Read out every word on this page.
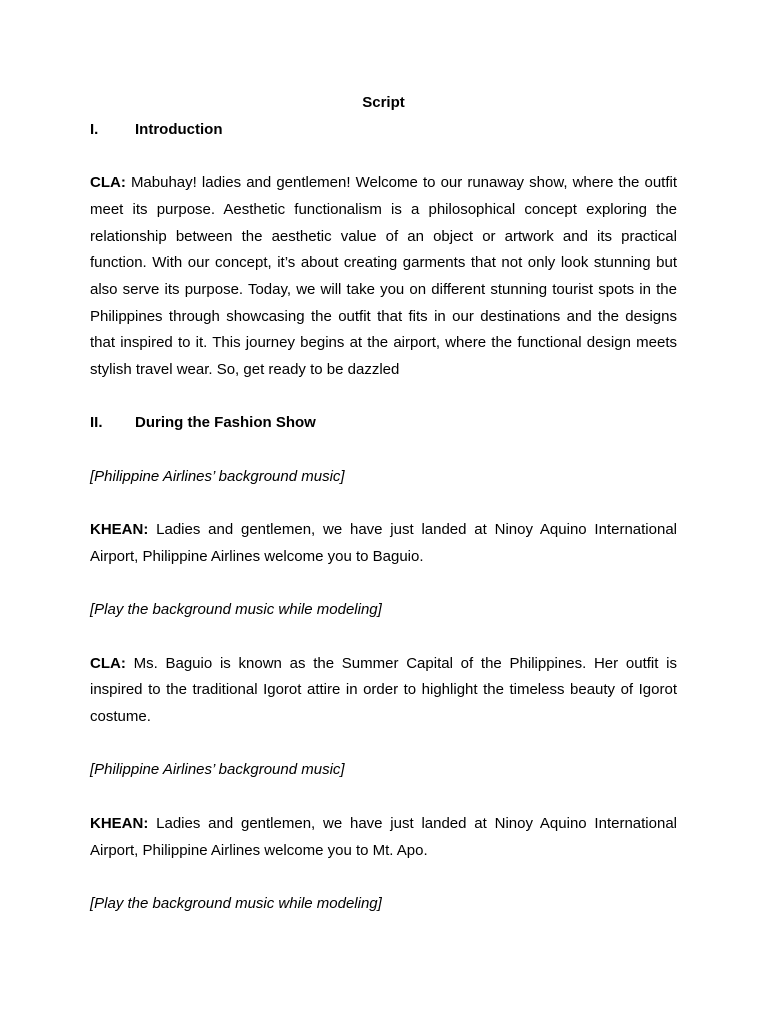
Script

I.	Introduction

CLA: Mabuhay! ladies and gentlemen! Welcome to our runaway show, where the outfit meet its purpose. Aesthetic functionalism is a philosophical concept exploring the relationship between the aesthetic value of an object or artwork and its practical function. With our concept, it’s about creating garments that not only look stunning but also serve its purpose. Today, we will take you on different stunning tourist spots in the Philippines through showcasing the outfit that fits in our destinations and the designs that inspired to it. This journey begins at the airport, where the functional design meets stylish travel wear. So, get ready to be dazzled

II.	During the Fashion Show

[Philippine Airlines’ background music]

KHEAN: Ladies and gentlemen, we have just landed at Ninoy Aquino International Airport, Philippine Airlines welcome you to Baguio.

[Play the background music while modeling]

CLA: Ms. Baguio is known as the Summer Capital of the Philippines. Her outfit is inspired to the traditional Igorot attire in order to highlight the timeless beauty of Igorot costume.

[Philippine Airlines’ background music]

KHEAN: Ladies and gentlemen, we have just landed at Ninoy Aquino International Airport, Philippine Airlines welcome you to Mt. Apo.

[Play the background music while modeling]
